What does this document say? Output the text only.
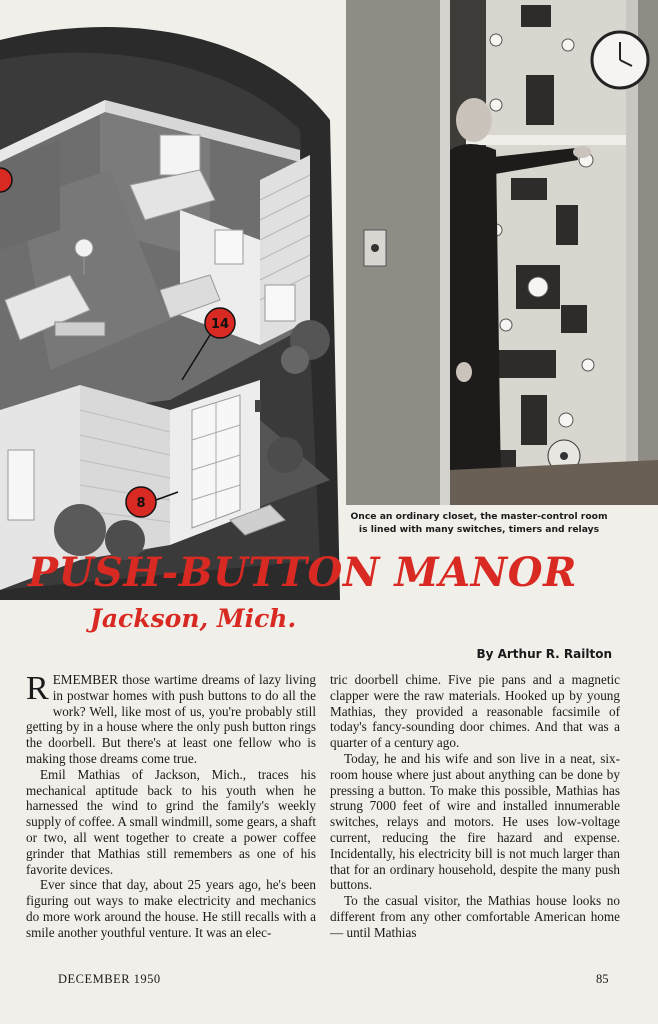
14
8
Once an ordinary closet, the master-control room
is lined with many switches, timers and relays
PUSH-BUTTON MANOR
Jackson, Mich.

By Arthur R. Railton

REMEMBER those wartime dreams of lazy living in postwar homes with push buttons to do all the work? Well, like most of us, you're probably still getting by in a house where the only push button rings the doorbell. But there's at least one fellow who is making those dreams come true.

Emil Mathias of Jackson, Mich., traces his mechanical aptitude back to his youth when he harnessed the wind to grind the family's weekly supply of coffee. A small windmill, some gears, a shaft or two, all went together to create a power coffee grinder that Mathias still remembers as one of his favorite devices.

Ever since that day, about 25 years ago, he's been figuring out ways to make electricity and mechanics do more work around the house. He still recalls with a smile another youthful venture. It was an elec-

tric doorbell chime. Five pie pans and a magnetic clapper were the raw materials. Hooked up by young Mathias, they provided a reasonable facsimile of today's fancy-sounding door chimes. And that was a quarter of a century ago.

Today, he and his wife and son live in a neat, six-room house where just about anything can be done by pressing a button. To make this possible, Mathias has strung 7000 feet of wire and installed innumerable switches, relays and motors. He uses low-voltage current, reducing the fire hazard and expense. Incidentally, his electricity bill is not much larger than that for an ordinary household, despite the many push buttons.

To the casual visitor, the Mathias house looks no different from any other comfortable American home — until Mathias

DECEMBER 1950	85
